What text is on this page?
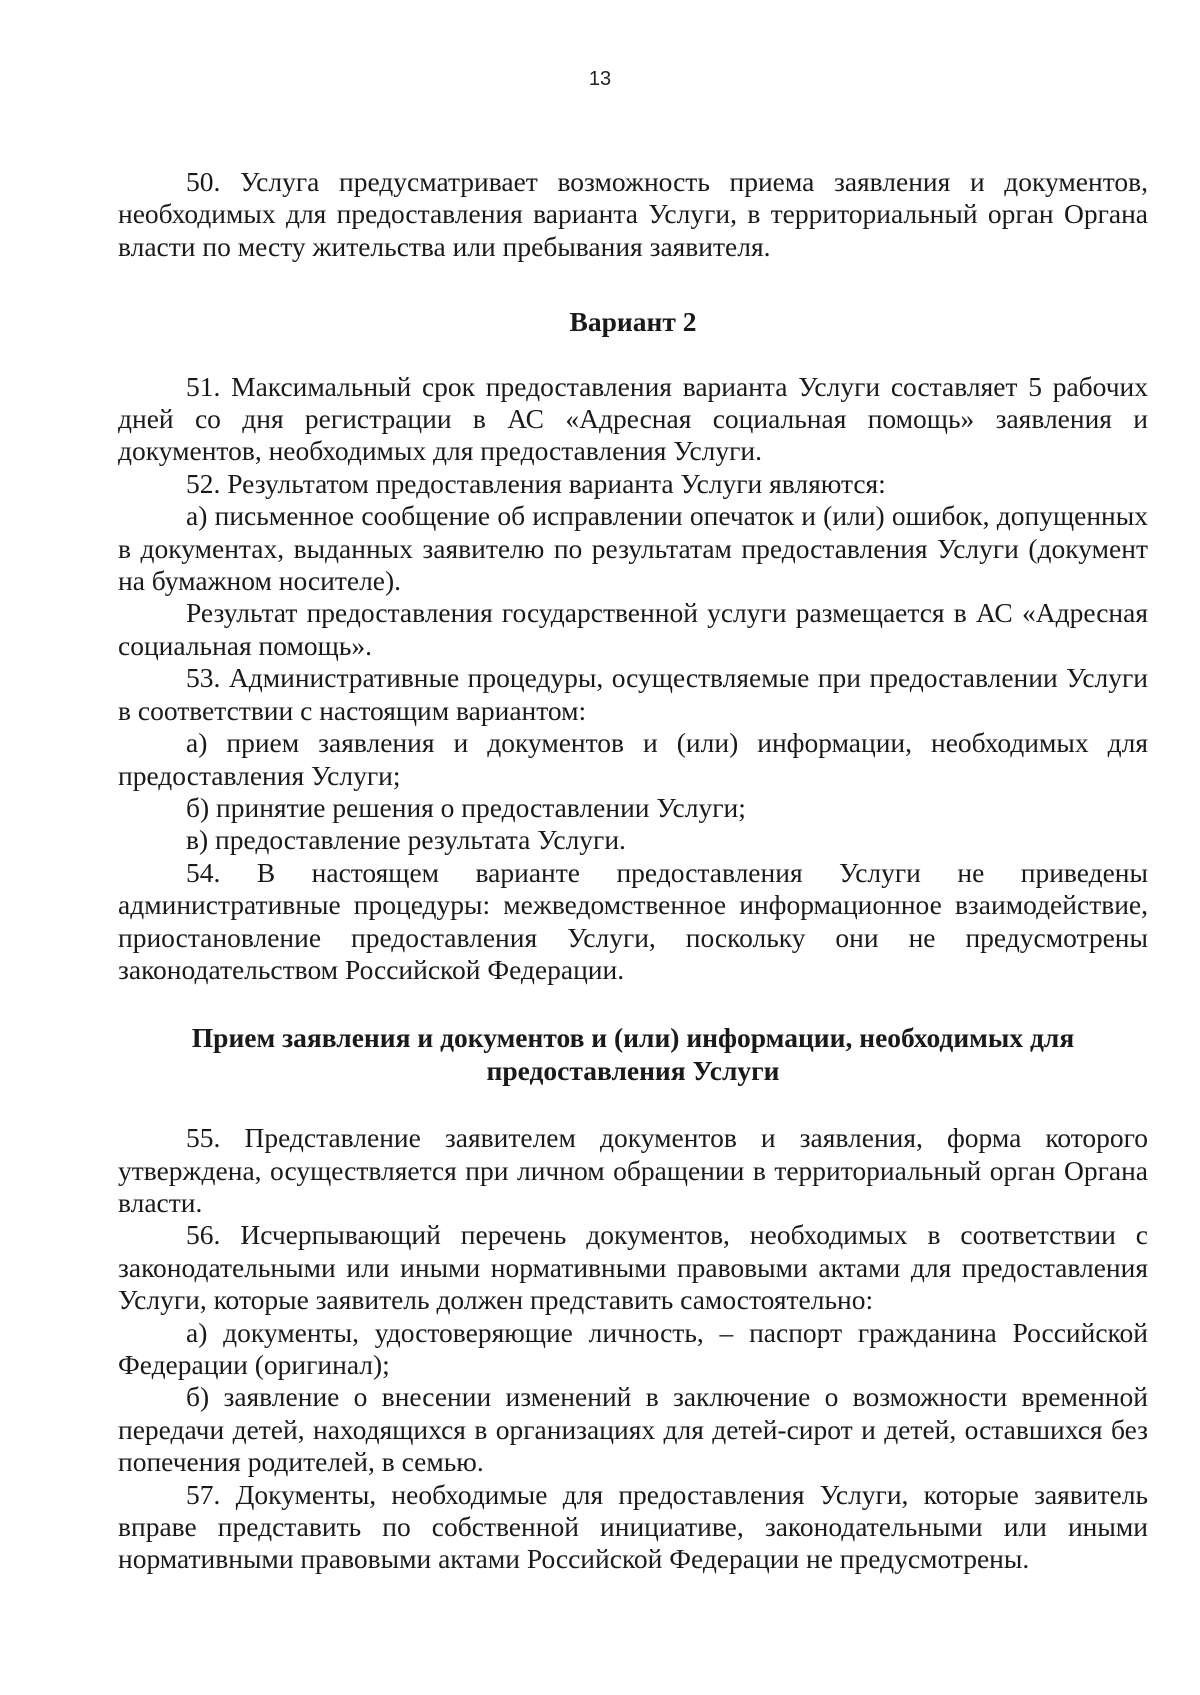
13

50. Услуга предусматривает возможность приема заявления и документов, необходимых для предоставления варианта Услуги, в территориальный орган Органа власти по месту жительства или пребывания заявителя.

Вариант 2

51. Максимальный срок предоставления варианта Услуги составляет 5 рабочих дней со дня регистрации в АС «Адресная социальная помощь» заявления и документов, необходимых для предоставления Услуги.

52. Результатом предоставления варианта Услуги являются:

а) письменное сообщение об исправлении опечаток и (или) ошибок, допущенных в документах, выданных заявителю по результатам предоставления Услуги (документ на бумажном носителе).

Результат предоставления государственной услуги размещается в АС «Адресная социальная помощь».

53. Административные процедуры, осуществляемые при предоставлении Услуги в соответствии с настоящим вариантом:

а) прием заявления и документов и (или) информации, необходимых для предоставления Услуги;

б) принятие решения о предоставлении Услуги;

в) предоставление результата Услуги.

54. В настоящем варианте предоставления Услуги не приведены административные процедуры: межведомственное информационное взаимодействие, приостановление предоставления Услуги, поскольку они не предусмотрены законодательством Российской Федерации.

Прием заявления и документов и (или) информации, необходимых для

предоставления Услуги

55. Представление заявителем документов и заявления, форма которого утверждена, осуществляется при личном обращении в территориальный орган Органа власти.

56. Исчерпывающий перечень документов, необходимых в соответствии с законодательными или иными нормативными правовыми актами для предоставления Услуги, которые заявитель должен представить самостоятельно:

а) документы, удостоверяющие личность, – паспорт гражданина Российской Федерации (оригинал);

б) заявление о внесении изменений в заключение о возможности временной передачи детей, находящихся в организациях для детей-сирот и детей, оставшихся без попечения родителей, в семью.

57. Документы, необходимые для предоставления Услуги, которые заявитель вправе представить по собственной инициативе, законодательными или иными нормативными правовыми актами Российской Федерации не предусмотрены.
